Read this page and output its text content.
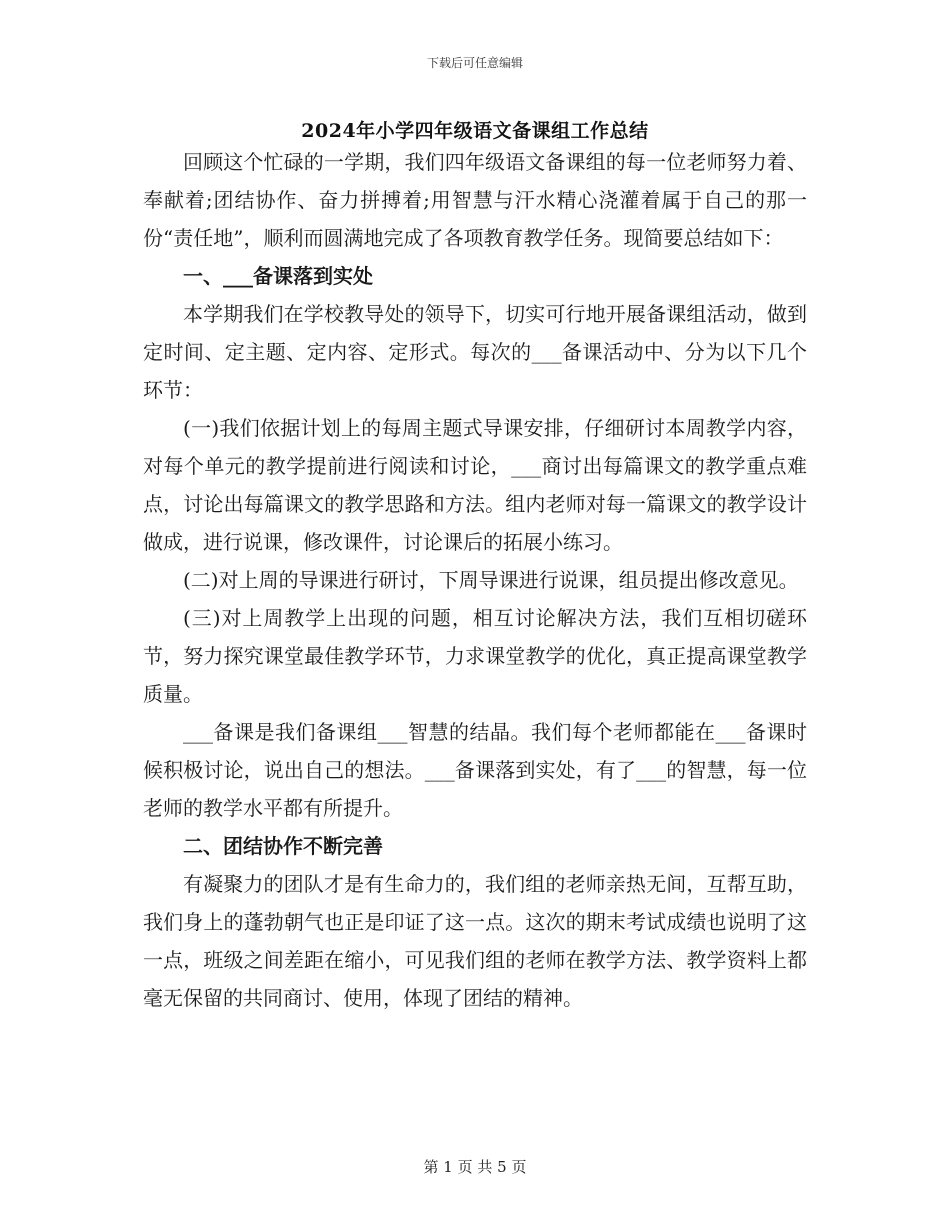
下载后可任意编辑
2024年小学四年级语文备课组工作总结

回顾这个忙碌的一学期，我们四年级语文备课组的每一位老师努力着、奉献着;团结协作、奋力拼搏着;用智慧与汗水精心浇灌着属于自己的那一份“责任地”，顺利而圆满地完成了各项教育教学任务。现简要总结如下：

一、___备课落到实处

本学期我们在学校教导处的领导下，切实可行地开展备课组活动，做到定时间、定主题、定内容、定形式。每次的___备课活动中、分为以下几个环节：

(一)我们依据计划上的每周主题式导课安排，仔细研讨本周教学内容，对每个单元的教学提前进行阅读和讨论，___商讨出每篇课文的教学重点难点，讨论出每篇课文的教学思路和方法。组内老师对每一篇课文的教学设计做成，进行说课，修改课件，讨论课后的拓展小练习。

(二)对上周的导课进行研讨，下周导课进行说课，组员提出修改意见。

(三)对上周教学上出现的问题，相互讨论解决方法，我们互相切磋环节，努力探究课堂最佳教学环节，力求课堂教学的优化，真正提高课堂教学质量。

___备课是我们备课组___智慧的结晶。我们每个老师都能在___备课时候积极讨论，说出自己的想法。___备课落到实处，有了___的智慧，每一位老师的教学水平都有所提升。

二、团结协作不断完善

有凝聚力的团队才是有生命力的，我们组的老师亲热无间，互帮互助，我们身上的蓬勃朝气也正是印证了这一点。这次的期末考试成绩也说明了这一点，班级之间差距在缩小，可见我们组的老师在教学方法、教学资料上都毫无保留的共同商讨、使用，体现了团结的精神。

第 1 页 共 5 页
